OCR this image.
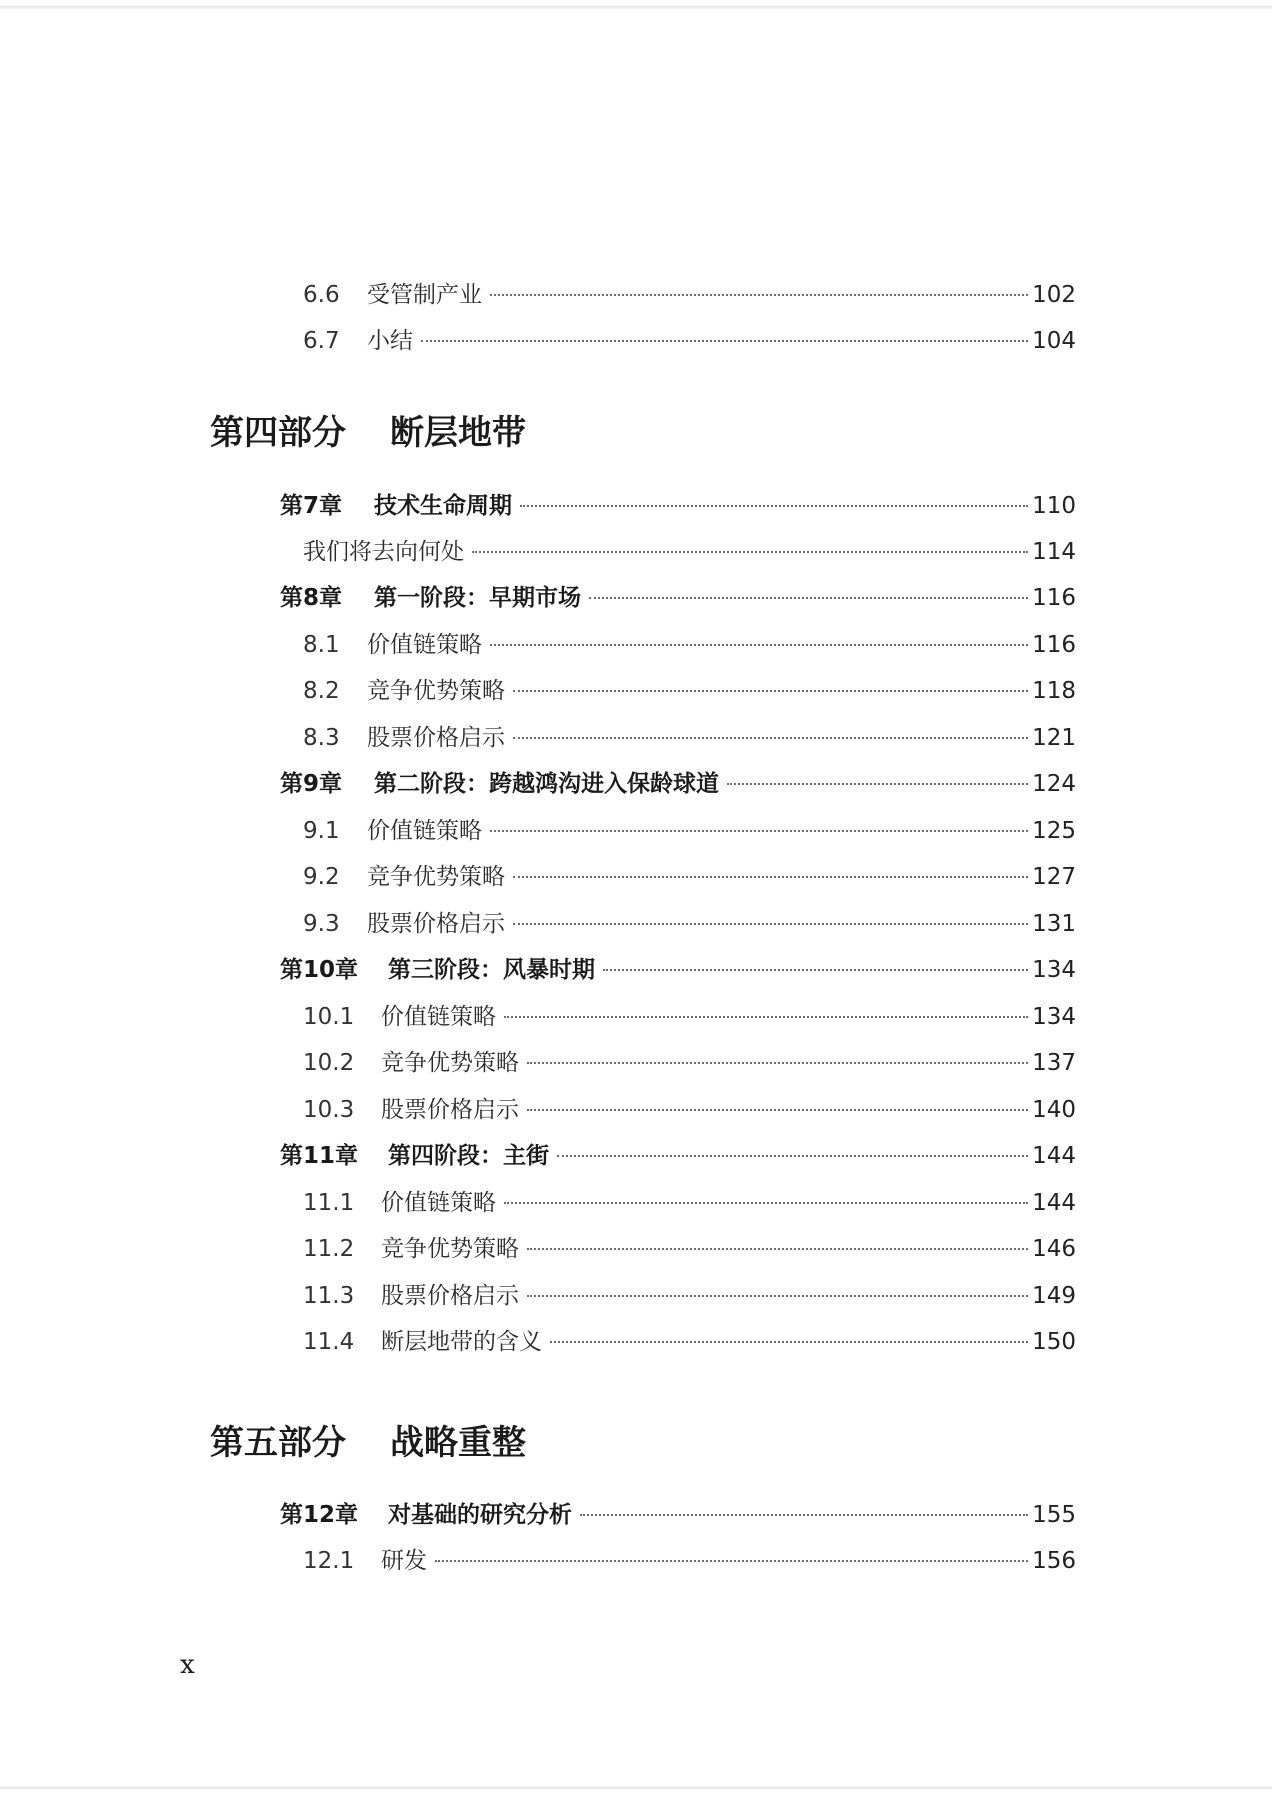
6.6	受管制产业	102
6.7	小结	104
第四部分 断层地带
第7章	技术生命周期	110
我们将去向何处	114
第8章	第一阶段：早期市场	116
8.1	价值链策略	116
8.2	竞争优势策略	118
8.3	股票价格启示	121
第9章	第二阶段：跨越鸿沟进入保龄球道	124
9.1	价值链策略	125
9.2	竞争优势策略	127
9.3	股票价格启示	131
第10章	第三阶段：风暴时期	134
10.1	价值链策略	134
10.2	竞争优势策略	137
10.3	股票价格启示	140
第11章	第四阶段：主街	144
11.1	价值链策略	144
11.2	竞争优势策略	146
11.3	股票价格启示	149
11.4	断层地带的含义	150
第五部分 战略重整
第12章	对基础的研究分析	155
12.1	研发	156
x
